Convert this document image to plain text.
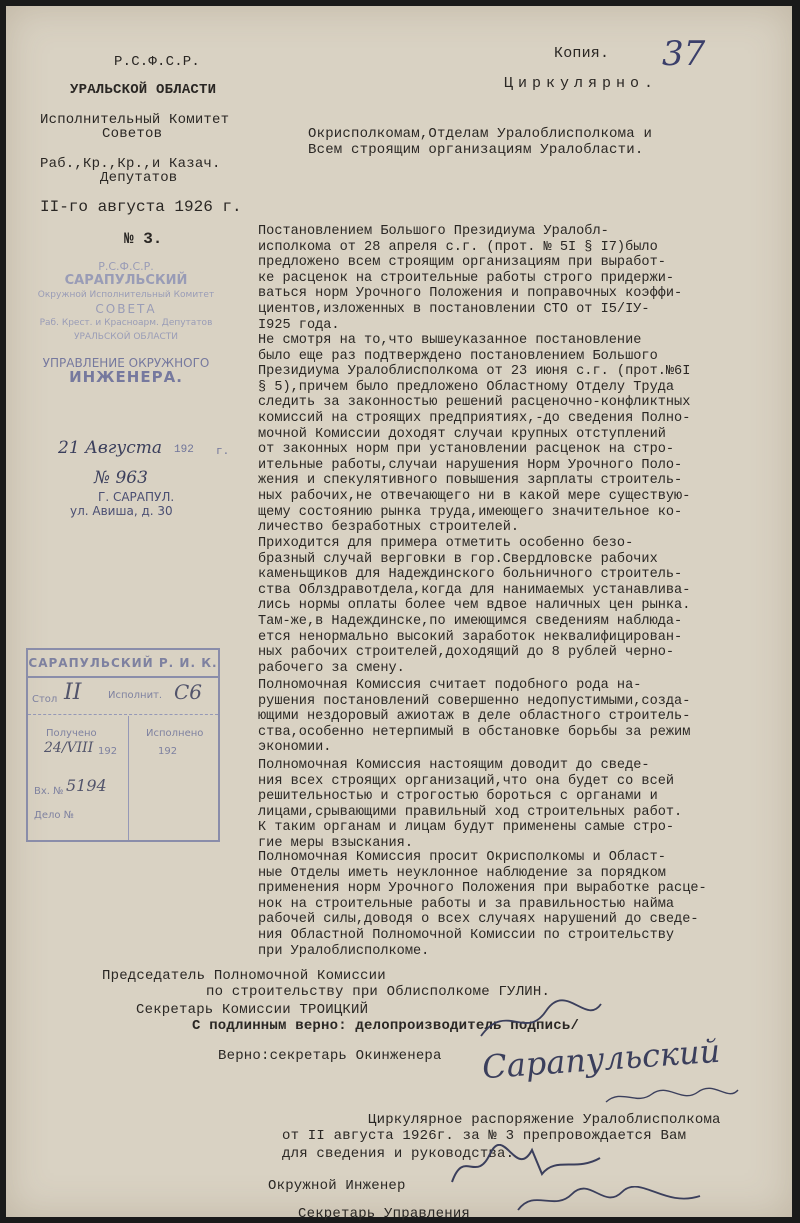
Р.С.Ф.С.Р.
УРАЛЬСКОЙ ОБЛАСТИ
Исполнительный Комитет
Советов
Раб.,Кр.,Кр.,и Казач.
Депутатов
II-го августа 1926 г.
№ 3.
Копия. 37
Циркулярно.
Окрисполкомам,Отделам Уралоблисполкома и
Всем строящим организациям Уралобласти.
Р.С.Ф.С.Р.
САРАПУЛЬСКИЙ
Окружной Исполнительный Комитет
СОВЕТА
Раб. Крест. и Красноарм. Депутатов
УРАЛЬСКОЙ ОБЛАСТИ
УПРАВЛЕНИЕ ОКРУЖНОГО
ИНЖЕНЕРА.
21 Августа 192 г.
№ 963
Г. САРАПУЛ.
ул. Авиша, д. 30
САРАПУЛЬСКИЙ Р. И. К.
Стол II	Исполнит. С6
Получено
24/VIII 192
Исполнено
192
Вх. № 5194
Дело №
Постановлением Большого Президиума Уралобл-
исполкома от 28 апреля с.г. (прот. № 5I § I7)было
предложено всем строящим организациям при выработ-
ке расценок на строительные работы строго придержи-
ваться норм Урочного Положения и поправочных коэффи-
циентов,изложенных в постановлении СТО от I5/IУ-
I925 года.
Не смотря на то,что вышеуказанное постановление
было еще раз подтверждено постановлением Большого
Президиума Уралоблисполкома от 23 июня с.г. (прот.№6I
§ 5),причем было предложено Областному Отделу Труда
следить за законностью решений расценочно-конфликтных
комиссий на строящих предприятиях,-до сведения Полно-
мочной Комиссии доходят случаи крупных отступлений
от законных норм при установлении расценок на стро-
ительные работы,случаи нарушения Норм Урочного Поло-
жения и спекулятивного повышения зарплаты строитель-
ных рабочих,не отвечающего ни в какой мере существую-
щему состоянию рынка труда,имеющего значительное ко-
личество безработных строителей.
Приходится для примера отметить особенно безо-
бразный случай верговки в гор.Свердловске рабочих
каменьщиков для Надеждинского больничного строитель-
ства Облздравотдела,когда для нанимаемых устанавлива-
лись нормы оплаты более чем вдвое наличных цен рынка.
Там-же,в Надеждинске,по имеющимся сведениям наблюда-
ется ненормально высокий заработок неквалифицирован-
ных рабочих строителей,доходящий до 8 рублей черно-
рабочего за смену.
Полномочная Комиссия считает подобного рода на-
рушения постановлений совершенно недопустимыми,созда-
ющими нездоровый ажиотаж в деле областного строитель-
ства,особенно нетерпимый в обстановке борьбы за режим
экономии.
Полномочная Комиссия настоящим доводит до сведе-
ния всех строящих организаций,что она будет со всей
решительностью и строгостью бороться с органами и
лицами,срывающими правильный ход строительных работ.
К таким органам и лицам будут применены самые стро-
гие меры взыскания.
Полномочная Комиссия просит Окрисполкомы и Област-
ные Отделы иметь неуклонное наблюдение за порядком
применения норм Урочного Положения при выработке расце-
нок на строительные работы и за правильностью найма
рабочей силы,доводя о всех случаях нарушений до сведе-
ния Областной Полномочной Комиссии по строительству
при Уралоблисполкоме.
Председатель Полномочной Комиссии
по строительству при Облисполкоме ГУЛИН.
Секретарь Комиссии ТРОИЦКИЙ
С подлинным верно: делопроизводитель подпись/
Верно:секретарь Окинженера Сарапульский
Циркулярное распоряжение Уралоблисполкома
от II августа 1926г. за № 3 препровождается Вам
для сведения и руководства.
Окружной Инженер
Секретарь Управления
